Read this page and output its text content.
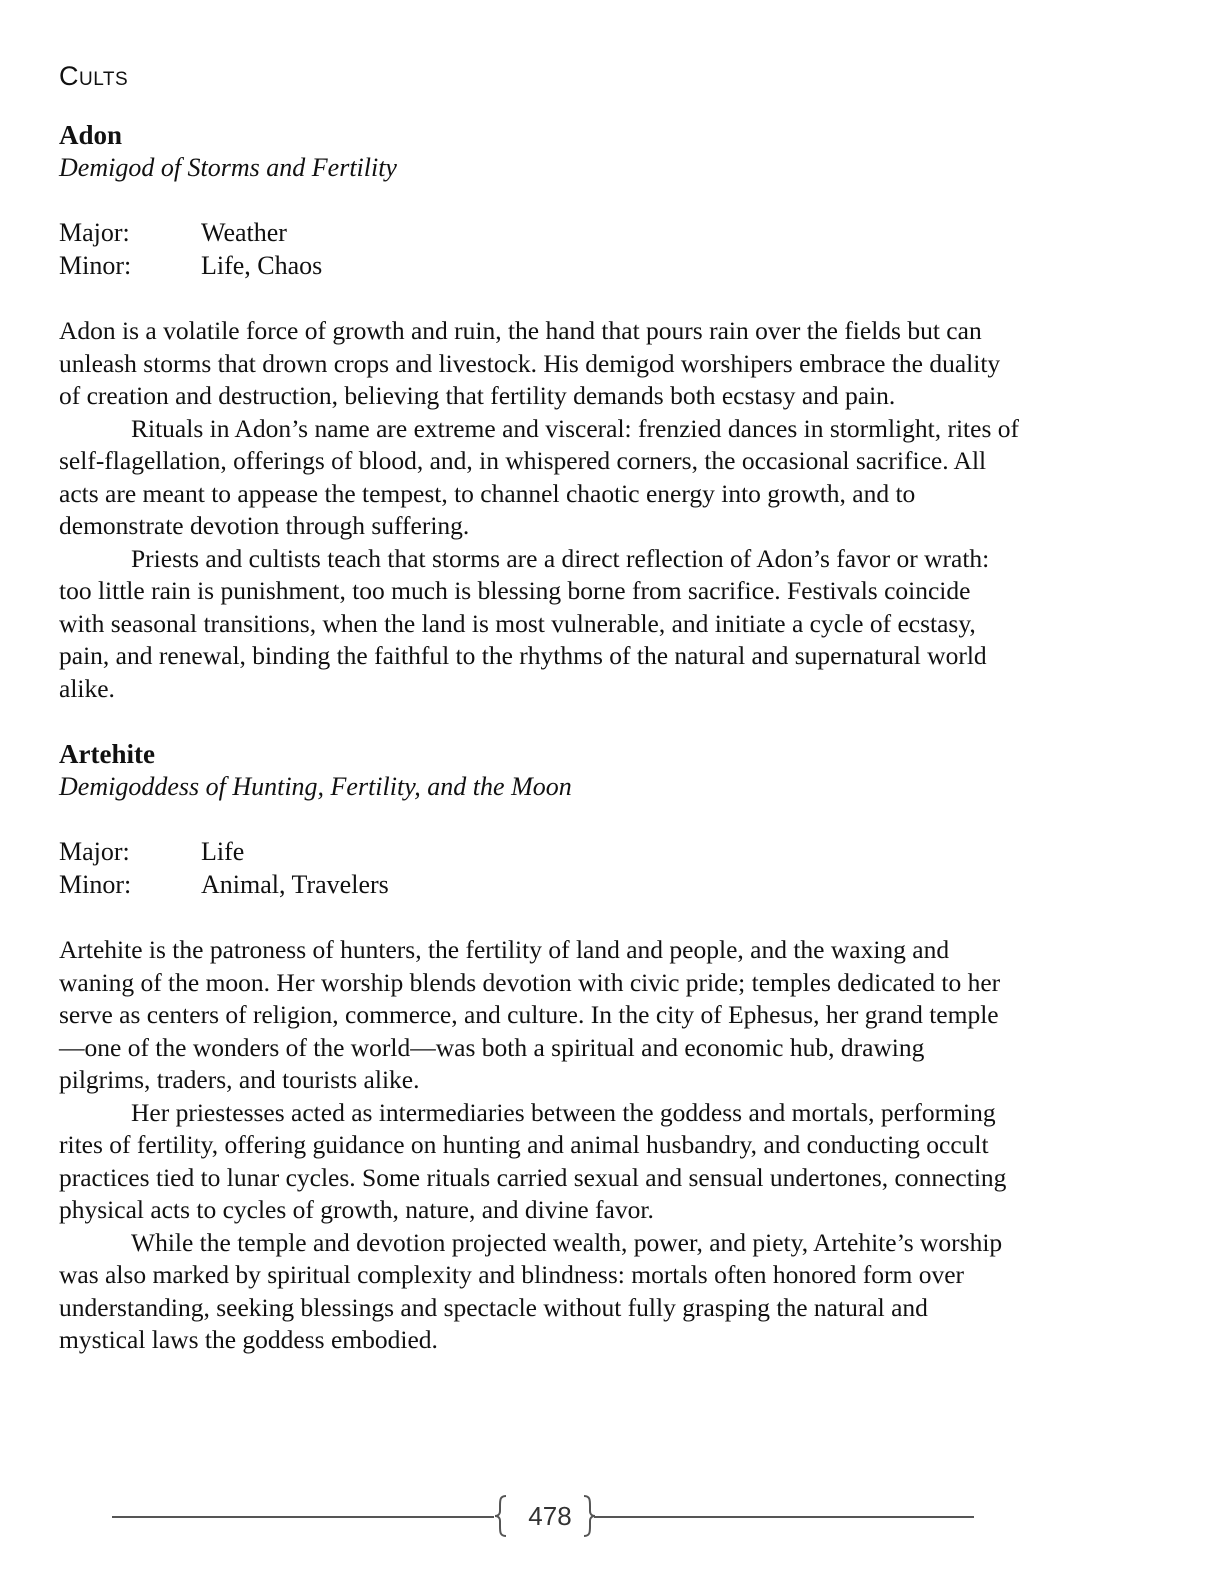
Cults
Adon
Demigod of Storms and Fertility
Major:	Weather
Minor:	Life, Chaos

Adon is a volatile force of growth and ruin, the hand that pours rain over the fields but can unleash storms that drown crops and livestock. His demigod worshipers embrace the duality of creation and destruction, believing that fertility demands both ecstasy and pain.

Rituals in Adon’s name are extreme and visceral: frenzied dances in stormlight, rites of self-flagellation, offerings of blood, and, in whispered corners, the occasional sacrifice. All acts are meant to appease the tempest, to channel chaotic energy into growth, and to demonstrate devotion through suffering.

Priests and cultists teach that storms are a direct reflection of Adon’s favor or wrath: too little rain is punishment, too much is blessing borne from sacrifice. Festivals coincide with seasonal transitions, when the land is most vulnerable, and initiate a cycle of ecstasy, pain, and renewal, binding the faithful to the rhythms of the natural and supernatural world alike.

Artehite
Demigoddess of Hunting, Fertility, and the Moon
Major:	Life
Minor:	Animal, Travelers

Artehite is the patroness of hunters, the fertility of land and people, and the waxing and waning of the moon. Her worship blends devotion with civic pride; temples dedicated to her serve as centers of religion, commerce, and culture. In the city of Ephesus, her grand temple—one of the wonders of the world—was both a spiritual and economic hub, drawing pilgrims, traders, and tourists alike.

Her priestesses acted as intermediaries between the goddess and mortals, performing rites of fertility, offering guidance on hunting and animal husbandry, and conducting occult practices tied to lunar cycles. Some rituals carried sexual and sensual undertones, connecting physical acts to cycles of growth, nature, and divine favor.

While the temple and devotion projected wealth, power, and piety, Artehite’s worship was also marked by spiritual complexity and blindness: mortals often honored form over understanding, seeking blessings and spectacle without fully grasping the natural and mystical laws the goddess embodied.

478
